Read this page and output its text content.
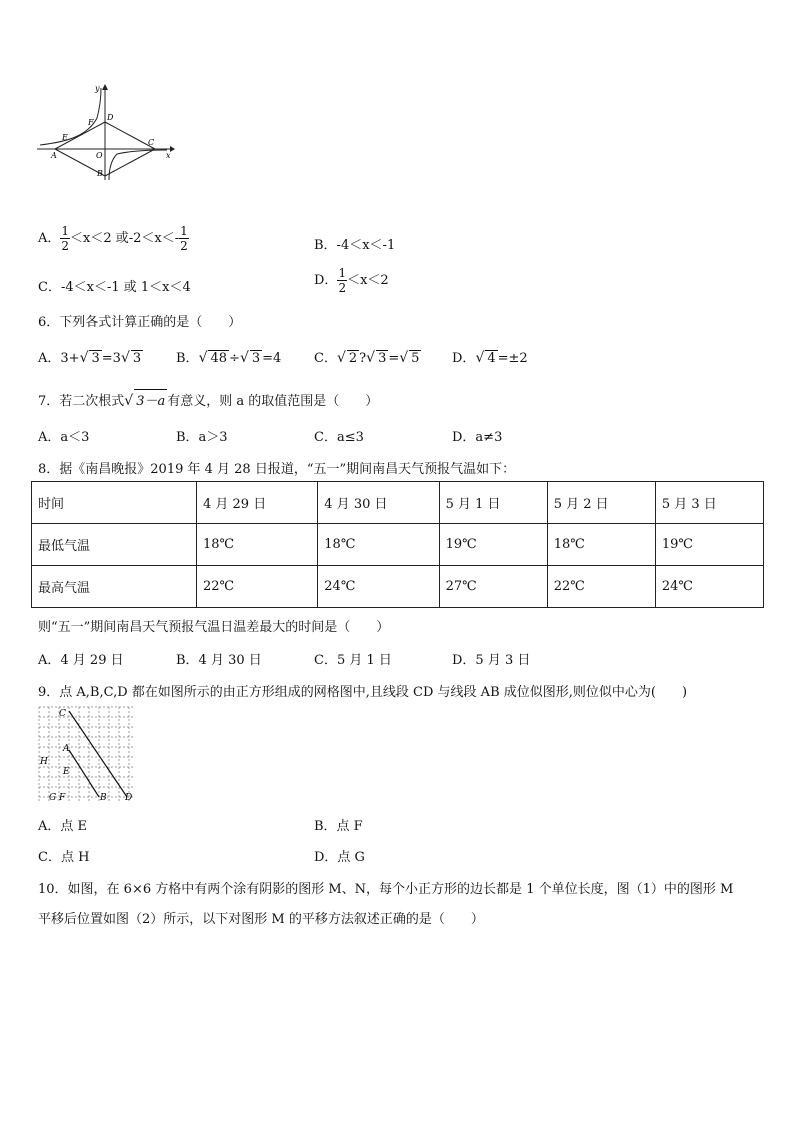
y
x
O
A
B
C
D
E
F
A． $\frac{1}{2} <x<2$ 或$-2<x<- \frac{1}{2}$	B．-4＜x＜-1
C．-4＜x＜-1 或 1＜x＜4	D． $\frac{1}{2} <x<2$
6．下列各式计算正确的是（　　）
A．3+√ 3 =3√ 3	B．√ 48 ÷√ 3 =4	C．√ 2 ?√ 3 =√ 5	D．√ 4 =±2
7．若二次根式√ 3－a 有意义，则 a 的取值范围是（　　）
A．a＜3	B．a＞3	C．a≤3	D．a≠3
8．据《南昌晚报》2019 年 4 月 28 日报道，“五一”期间南昌天气预报气温如下：
时间	4 月 29 日	4 月 30 日	5 月 1 日	5 月 2 日	5 月 3 日
最低气温	18℃	18℃	19℃	18℃	19℃
最高气温	22℃	24℃	27℃	22℃	24℃
则“五一”期间南昌天气预报气温日温差最大的时间是（　　）
A．4 月 29 日	B．4 月 30 日	C．5 月 1 日	D．5 月 3 日
9．点 A,B,C,D 都在如图所示的由正方形组成的网格图中,且线段 CD 与线段 AB 成位似图形,则位似中心为(　　)
C
A
H
E
G F	B D
A．点 E	B．点 F
C．点 H	D．点 G
10．如图，在 6×6 方格中有两个涂有阴影的图形 M、N，每个小正方形的边长都是 1 个单位长度，图（1）中的图形 M
平移后位置如图（2）所示，以下对图形 M 的平移方法叙述正确的是（　　）
